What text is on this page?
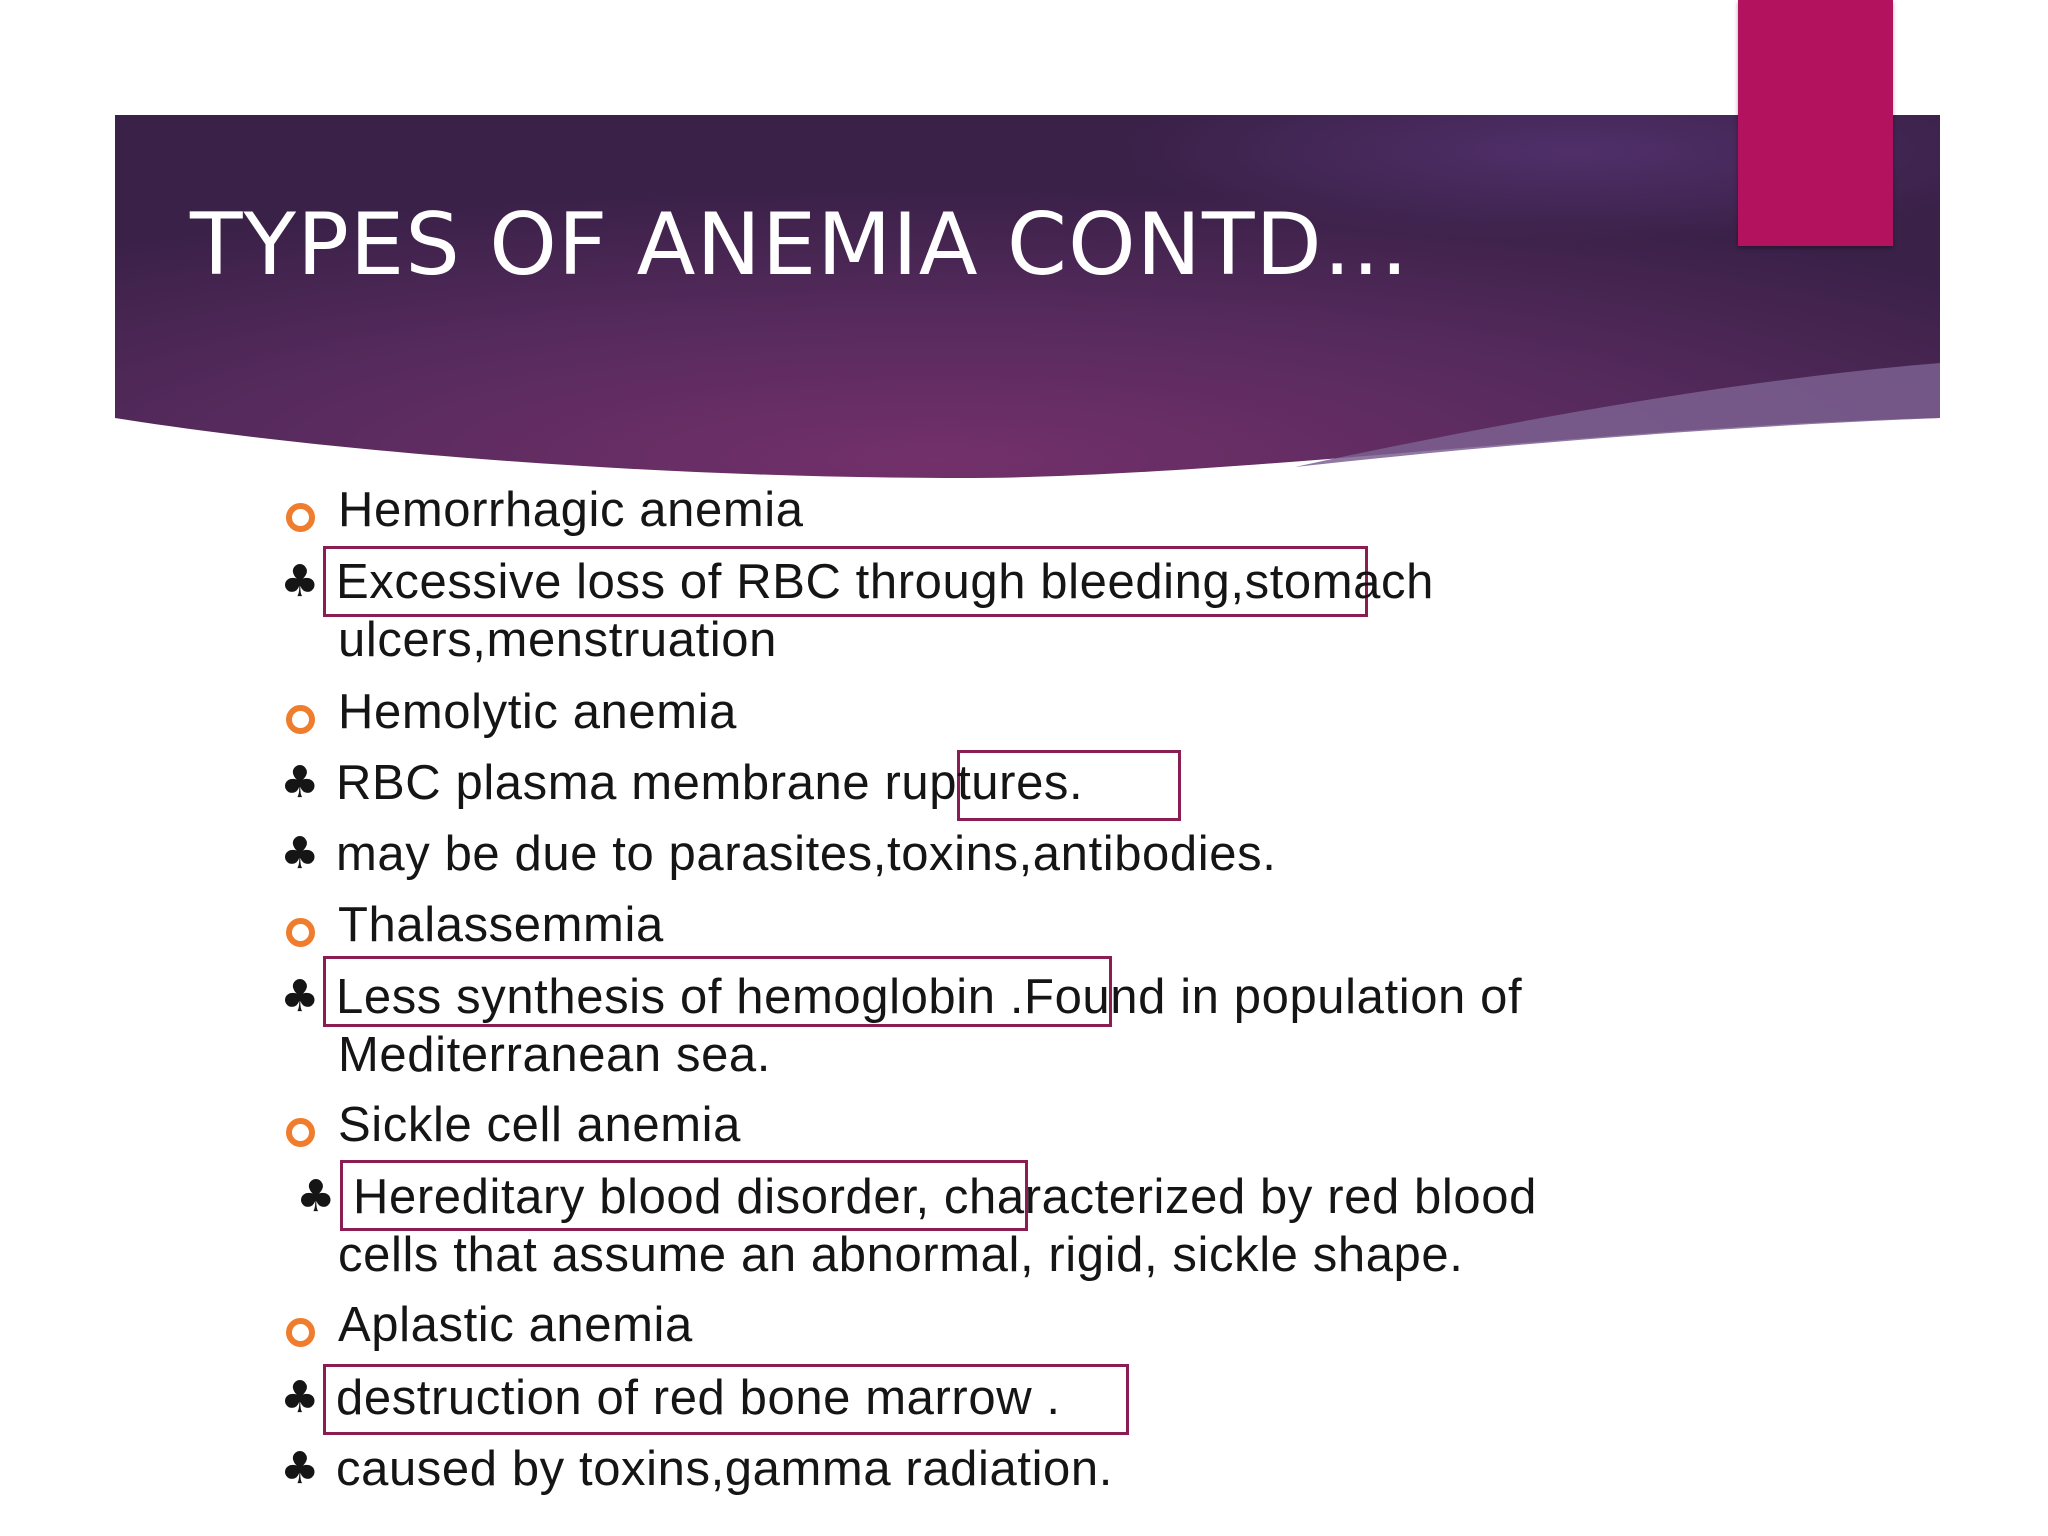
TYPES OF ANEMIA CONTD…
Hemorrhagic anemia
♣ Excessive loss of RBC through bleeding,stomach
ulcers,menstruation
Hemolytic anemia
♣ RBC plasma membrane ruptures.
♣ may be due to parasites,toxins,antibodies.
Thalassemmia
♣ Less synthesis of hemoglobin .Found in population of
Mediterranean sea.
Sickle cell anemia
♣ Hereditary blood disorder, characterized by red blood
cells that assume an abnormal, rigid, sickle shape.
Aplastic anemia
♣ destruction of red bone marrow .
♣ caused by toxins,gamma radiation.
